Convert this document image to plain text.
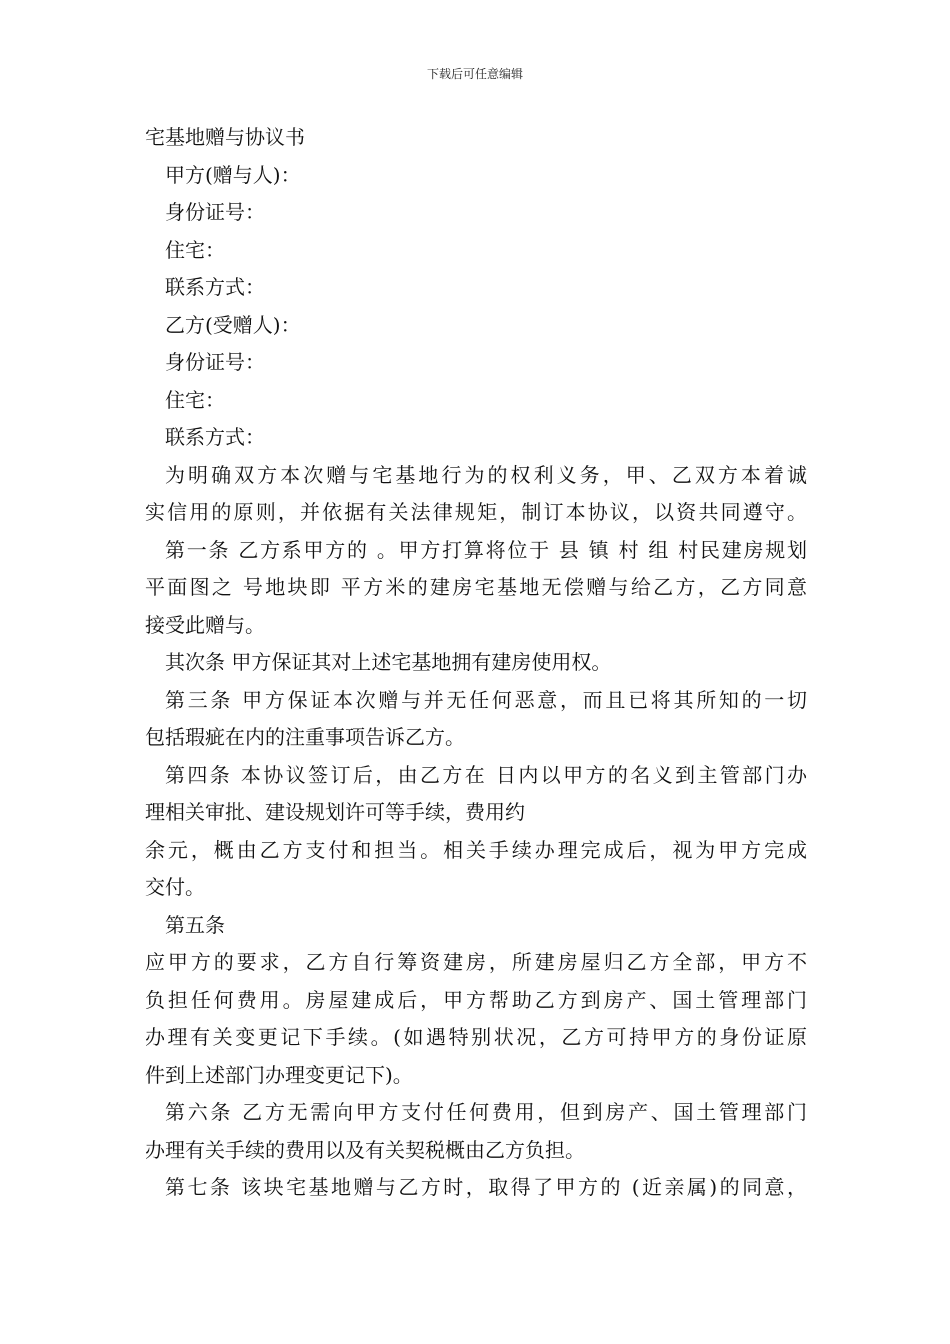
下载后可任意编辑
宅基地赠与协议书
甲方(赠与人)：
身份证号：
住宅：
联系方式：
乙方(受赠人)：
身份证号：
住宅：
联系方式：
为明确双方本次赠与宅基地行为的权利义务，甲、乙双方本着诚
实信用的原则，并依据有关法律规矩，制订本协议，以资共同遵守。
第一条 乙方系甲方的 。甲方打算将位于 县 镇 村 组 村民建房规划
平面图之 号地块即 平方米的建房宅基地无偿赠与给乙方，乙方同意
接受此赠与。
其次条 甲方保证其对上述宅基地拥有建房使用权。
第三条 甲方保证本次赠与并无任何恶意，而且已将其所知的一切
包括瑕疵在内的注重事项告诉乙方。
第四条 本协议签订后，由乙方在 日内以甲方的名义到主管部门办
理相关审批、建设规划许可等手续，费用约
余元，概由乙方支付和担当。相关手续办理完成后，视为甲方完成
交付。
第五条
应甲方的要求，乙方自行筹资建房，所建房屋归乙方全部，甲方不
负担任何费用。房屋建成后，甲方帮助乙方到房产、国土管理部门
办理有关变更记下手续。(如遇特别状况，乙方可持甲方的身份证原
件到上述部门办理变更记下)。
第六条 乙方无需向甲方支付任何费用，但到房产、国土管理部门
办理有关手续的费用以及有关契税概由乙方负担。
第七条 该块宅基地赠与乙方时，取得了甲方的 (近亲属)的同意，
